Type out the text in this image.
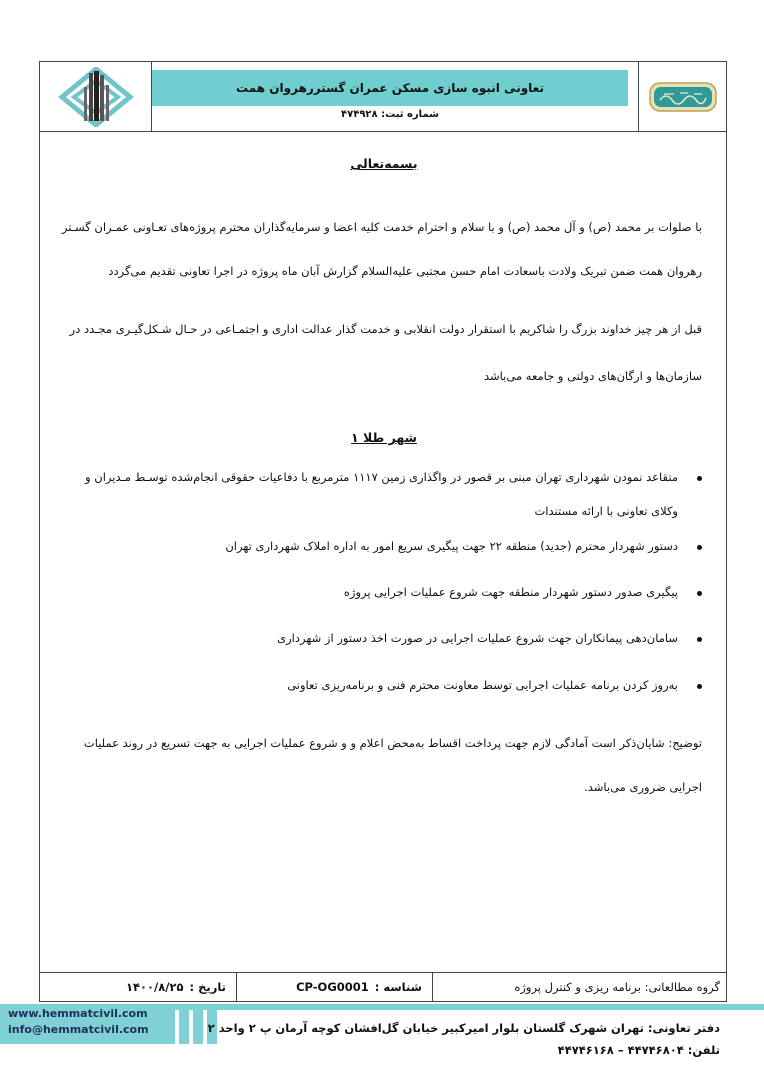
تعاونی انبوه سازی مسکن عمران گستررهروان همت
شماره ثبت: ۴۷۴۹۲۸
بسمه‌تعالی
با صلوات بر محمد (ص) و آل محمد (ص) و با سلام و احترام خدمت کلیه اعضا و سرمایه‌گذاران محترم پروژه‌های تعـاونی عمـران گسـتر
رهروان همت ضمن تبریک ولادت باسعادت امام حسن مجتبی علیه‌السلام گزارش آبان ماه پروژه در اجرا تعاونی تقدیم می‌گردد
قبل از هر چیز خداوند بزرگ را شاکریم با استقرار دولت انقلابی و خدمت گذار عدالت اداری و اجتمـاعی در حـال شـکل‌گیـری مجـدد در
سازمان‌ها و ارگان‌های دولتی و جامعه می‌باشد
شهر طلا ۱
متقاعد نمودن شهرداری تهران مبنی بر قصور در واگذاری زمین ۱۱۱۷ مترمربع با دفاعیات حقوقی انجام‌شده توسـط مـدیران و
وکلای تعاونی با ارائه مستندات
دستور شهردار محترم (جدید) منطقه ۲۲ جهت پیگیری سریع امور به اداره املاک شهرداری تهران
پیگیری صدور دستور شهردار منطقه جهت شروع عملیات اجرایی پروژه
سامان‌دهی پیمانکاران جهت شروع عملیات اجرایی در صورت اخذ دستور از شهرداری
به‌روز کردن برنامه عملیات اجرایی توسط معاونت محترم فنی و برنامه‌ریزی تعاونی
توضیح: شایان‌ذکر است آمادگی لازم جهت پرداخت اقساط به‌محض اعلام و و شروع عملیات اجرایی به جهت تسریع در روند عملیات
اجرایی ضروری می‌باشد.
گروه مطالعاتی: برنامه ریزی و کنترل پروژه
شناسه :
CP-OG0001
تاریخ :
۱۴۰۰/۸/۲۵
www.hemmatcivil.com
info@hemmatcivil.com	دفتر تعاونی: تهران شهرک گلستان بلوار امیرکبیر خیابان گل‌افشان کوچه آرمان پ ۲ واحد ۲
تلفن: ۴۴۷۴۶۸۰۴ – ۴۴۷۴۶۱۶۸
